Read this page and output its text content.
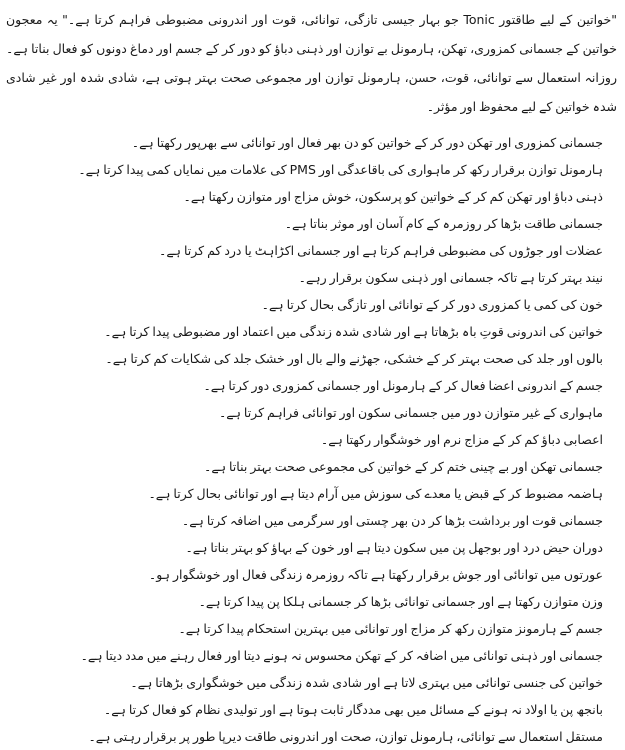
"خواتین کے لیے طاقتور Tonic جو بہار جیسی تازگی، توانائی، قوت اور اندرونی مضبوطی فراہم کرتا ہے۔" یہ معجون خواتین کے جسمانی کمزوری، تھکن، ہارمونل بے توازن اور ذہنی دباؤ کو دور کر کے جسم اور دماغ دونوں کو فعال بناتا ہے۔ روزانہ استعمال سے توانائی، قوت، حسن، ہارمونل توازن اور مجموعی صحت بہتر ہوتی ہے، شادی شدہ اور غیر شادی شدہ خواتین کے لیے محفوظ اور مؤثر۔

جسمانی کمزوری اور تھکن دور کر کے خواتین کو دن بھر فعال اور توانائی سے بھرپور رکھتا ہے۔

ہارمونل توازن برقرار رکھ کر ماہواری کی باقاعدگی اور PMS کی علامات میں نمایاں کمی پیدا کرتا ہے۔

ذہنی دباؤ اور تھکن کم کر کے خواتین کو پرسکون، خوش مزاج اور متوازن رکھتا ہے۔

جسمانی طاقت بڑھا کر روزمرہ کے کام آسان اور موثر بناتا ہے۔

عضلات اور جوڑوں کی مضبوطی فراہم کرتا ہے اور جسمانی اکڑاہٹ یا درد کم کرتا ہے۔

نیند بہتر کرتا ہے تاکہ جسمانی اور ذہنی سکون برقرار رہے۔

خون کی کمی یا کمزوری دور کر کے توانائی اور تازگی بحال کرتا ہے۔

خواتین کی اندرونی قوتِ باہ بڑھاتا ہے اور شادی شدہ زندگی میں اعتماد اور مضبوطی پیدا کرتا ہے۔

بالوں اور جلد کی صحت بہتر کر کے خشکی، جھڑنے والے بال اور خشک جلد کی شکایات کم کرتا ہے۔

جسم کے اندرونی اعضا فعال کر کے ہارمونل اور جسمانی کمزوری دور کرتا ہے۔

ماہواری کے غیر متوازن دور میں جسمانی سکون اور توانائی فراہم کرتا ہے۔

اعصابی دباؤ کم کر کے مزاج نرم اور خوشگوار رکھتا ہے۔

جسمانی تھکن اور بے چینی ختم کر کے خواتین کی مجموعی صحت بہتر بناتا ہے۔

ہاضمہ مضبوط کر کے قبض یا معدے کی سوزش میں آرام دیتا ہے اور توانائی بحال کرتا ہے۔

جسمانی قوت اور برداشت بڑھا کر دن بھر چستی اور سرگرمی میں اضافہ کرتا ہے۔

دوران حیض درد اور بوجھل پن میں سکون دیتا ہے اور خون کے بہاؤ کو بہتر بناتا ہے۔

عورتوں میں توانائی اور جوش برقرار رکھتا ہے تاکہ روزمرہ زندگی فعال اور خوشگوار ہو۔

وزن متوازن رکھتا ہے اور جسمانی توانائی بڑھا کر جسمانی ہلکا پن پیدا کرتا ہے۔

جسم کے ہارمونز متوازن رکھ کر مزاج اور توانائی میں بہترین استحکام پیدا کرتا ہے۔

جسمانی اور ذہنی توانائی میں اضافہ کر کے تھکن محسوس نہ ہونے دیتا اور فعال رہنے میں مدد دیتا ہے۔

خواتین کی جنسی توانائی میں بہتری لاتا ہے اور شادی شدہ زندگی میں خوشگواری بڑھاتا ہے۔

بانجھ پن یا اولاد نہ ہونے کے مسائل میں بھی مددگار ثابت ہوتا ہے اور تولیدی نظام کو فعال کرتا ہے۔

مستقل استعمال سے توانائی، ہارمونل توازن، صحت اور اندرونی طاقت دیرپا طور پر برقرار رہتی ہے۔
